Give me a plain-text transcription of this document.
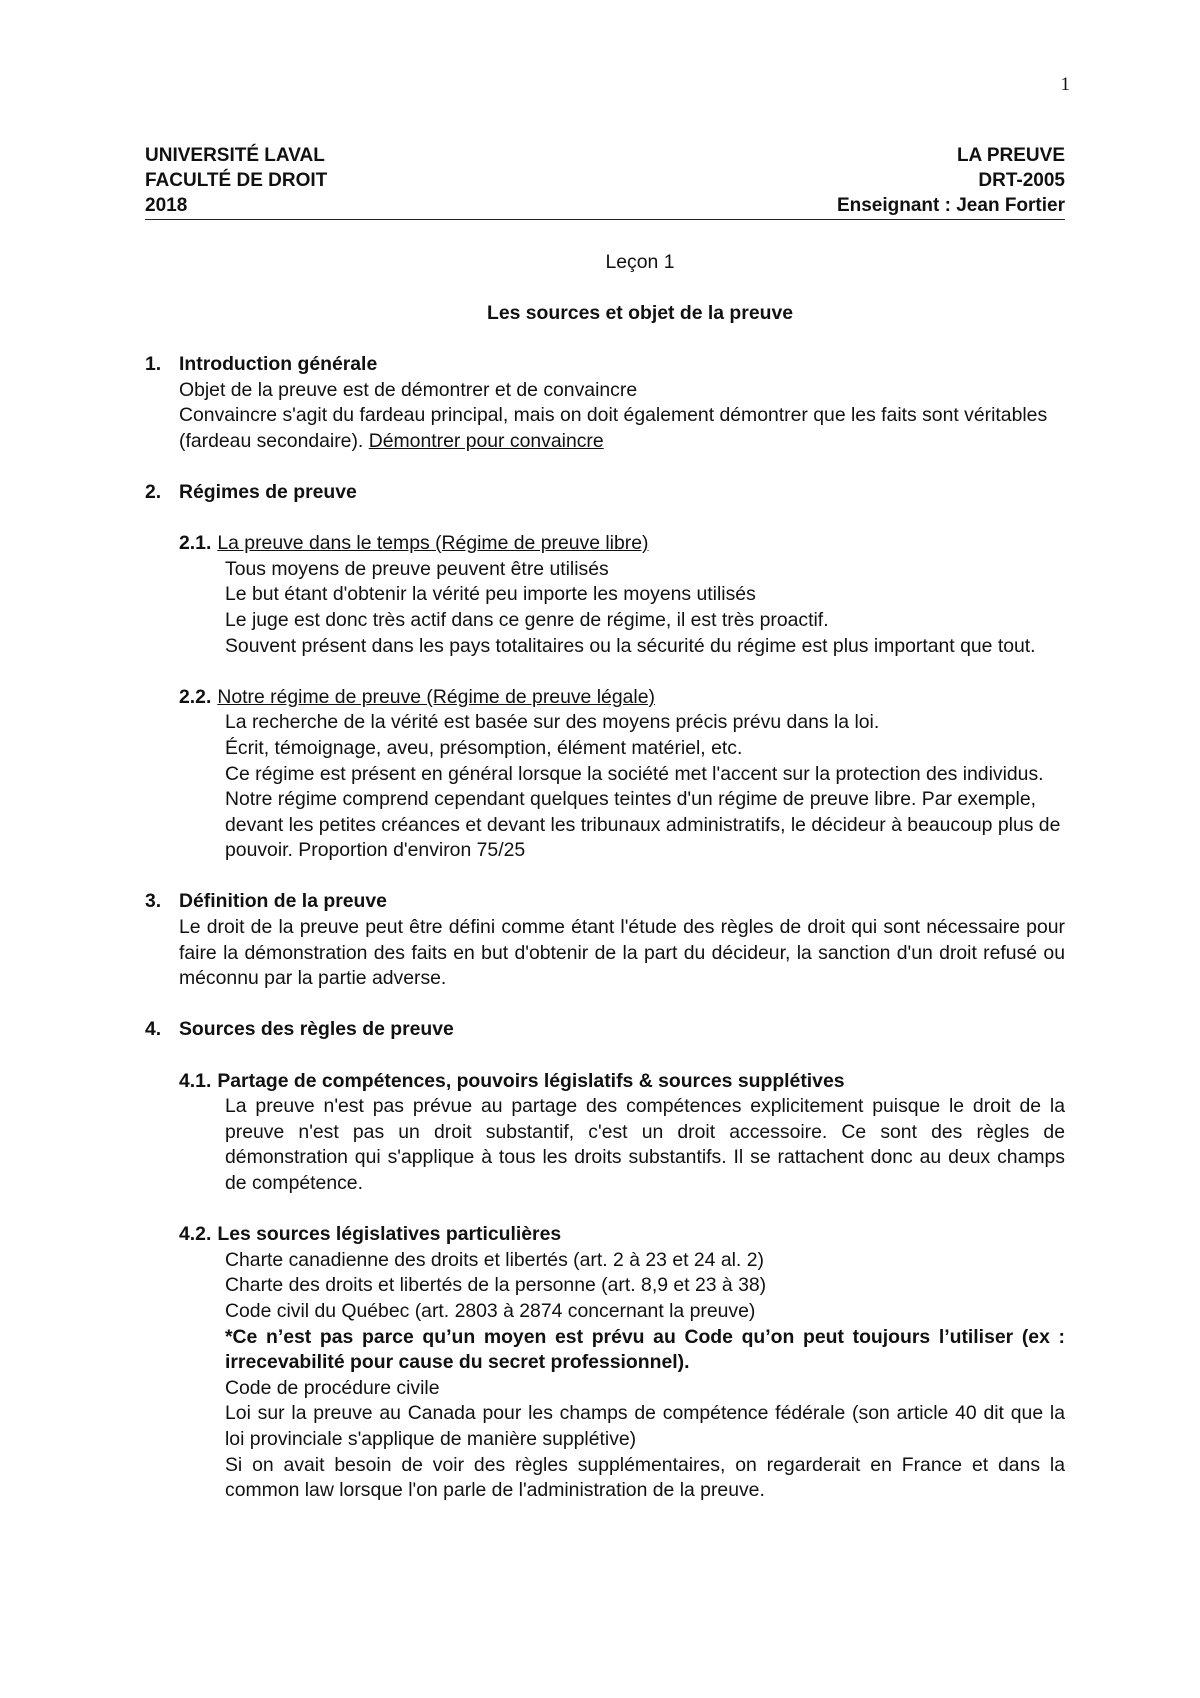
1
UNIVERSITÉ LAVAL	LA PREUVE
FACULTÉ DE DROIT	DRT-2005
2018	Enseignant : Jean Fortier
Leçon 1
Les sources et objet de la preuve
1. Introduction générale

Objet de la preuve est de démontrer et de convaincre

Convaincre s'agit du fardeau principal, mais on doit également démontrer que les faits sont véritables (fardeau secondaire). Démontrer pour convaincre

2. Régimes de preuve
2.1. La preuve dans le temps (Régime de preuve libre)

Tous moyens de preuve peuvent être utilisés

Le but étant d'obtenir la vérité peu importe les moyens utilisés

Le juge est donc très actif dans ce genre de régime, il est très proactif.

Souvent présent dans les pays totalitaires ou la sécurité du régime est plus important que tout.

2.2. Notre régime de preuve (Régime de preuve légale)

La recherche de la vérité est basée sur des moyens précis prévu dans la loi.

Écrit, témoignage, aveu, présomption, élément matériel, etc.

Ce régime est présent en général lorsque la société met l'accent sur la protection des individus.

Notre régime comprend cependant quelques teintes d'un régime de preuve libre. Par exemple, devant les petites créances et devant les tribunaux administratifs, le décideur à beaucoup plus de pouvoir. Proportion d'environ 75/25

3. Définition de la preuve

Le droit de la preuve peut être défini comme étant l'étude des règles de droit qui sont nécessaire pour faire la démonstration des faits en but d'obtenir de la part du décideur, la sanction d'un droit refusé ou méconnu par la partie adverse.

4. Sources des règles de preuve
4.1. Partage de compétences, pouvoirs législatifs & sources supplétives

La preuve n'est pas prévue au partage des compétences explicitement puisque le droit de la preuve n'est pas un droit substantif, c'est un droit accessoire. Ce sont des règles de démonstration qui s'applique à tous les droits substantifs. Il se rattachent donc au deux champs de compétence.

4.2. Les sources législatives particulières

Charte canadienne des droits et libertés (art. 2 à 23 et 24 al. 2)

Charte des droits et libertés de la personne (art. 8,9 et 23 à 38)

Code civil du Québec (art. 2803 à 2874 concernant la preuve)

*Ce n’est pas parce qu’un moyen est prévu au Code qu’on peut toujours l’utiliser (ex : irrecevabilité pour cause du secret professionnel).

Code de procédure civile

Loi sur la preuve au Canada pour les champs de compétence fédérale (son article 40 dit que la loi provinciale s'applique de manière supplétive)

Si on avait besoin de voir des règles supplémentaires, on regarderait en France et dans la common law lorsque l'on parle de l'administration de la preuve.
